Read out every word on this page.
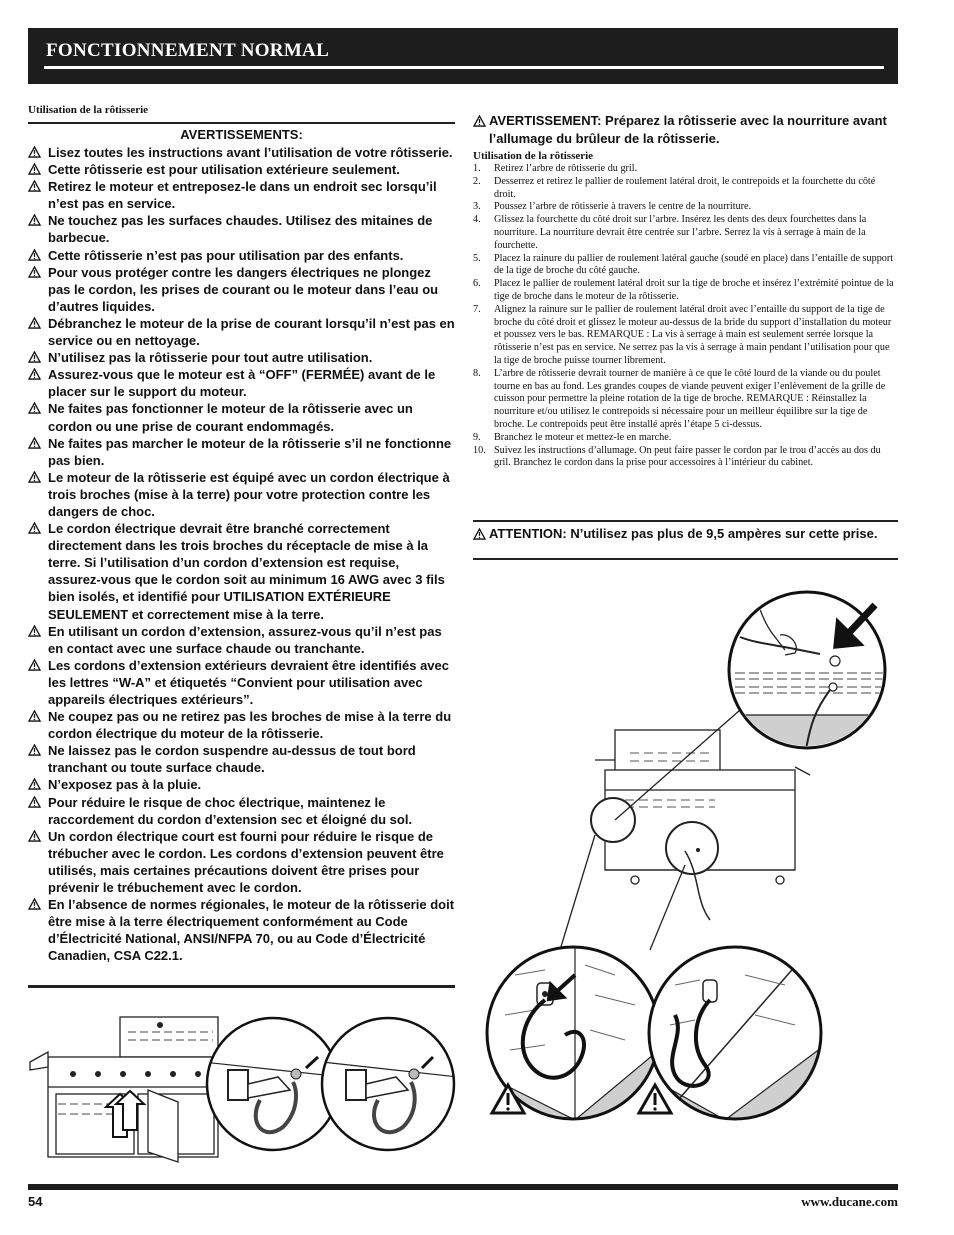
FONCTIONNEMENT NORMAL
Utilisation de la rôtisserie
AVERTISSEMENTS:
Lisez toutes les instructions avant l’utilisation de votre rôtisserie.
Cette rôtisserie est pour utilisation extérieure seulement.
Retirez le moteur et entreposez-le dans un endroit sec lorsqu’il n’est pas en service.
Ne touchez pas les surfaces chaudes. Utilisez des mitaines de barbecue.
Cette rôtisserie n’est pas pour utilisation par des enfants.
Pour vous protéger contre les dangers électriques ne plongez pas le cordon, les prises de courant ou le moteur dans l’eau ou d’autres liquides.
Débranchez le moteur de la prise de courant lorsqu’il n’est pas en service ou en nettoyage.
N’utilisez pas la rôtisserie pour tout autre utilisation.
Assurez-vous que le moteur est à “OFF” (FERMÉE) avant de le placer sur le support du moteur.
Ne faites pas fonctionner le moteur de la rôtisserie avec un cordon ou une prise de courant endommagés.
Ne faites pas marcher le moteur de la rôtisserie s’il ne fonctionne pas bien.
Le moteur de la rôtisserie est équipé avec un cordon électrique à trois broches (mise à la terre) pour votre protection contre les dangers de choc.
Le cordon électrique devrait être branché correctement directement dans les trois broches du réceptacle de mise à la terre. Si l’utilisation d’un cordon d’extension est requise, assurez-vous que le cordon soit au minimum 16 AWG avec 3 fils bien isolés, et identifié pour UTILISATION EXTÉRIEURE SEULEMENT et correctement mise à la terre.
En utilisant un cordon d’extension, assurez-vous qu’il n’est pas en contact avec une surface chaude ou tranchante.
Les cordons d’extension extérieurs devraient être identifiés avec les lettres “W-A” et étiquetés “Convient pour utilisation avec appareils électriques extérieurs”.
Ne coupez pas ou ne retirez pas les broches de mise à la terre du cordon électrique du moteur de la rôtisserie.
Ne laissez pas le cordon suspendre au-dessus de tout bord tranchant ou toute surface chaude.
N’exposez pas à la pluie.
Pour réduire le risque de choc électrique, maintenez le raccordement du cordon d’extension sec et éloigné du sol.
Un cordon électrique court est fourni pour réduire le risque de trébucher avec le cordon. Les cordons d’extension peuvent être utilisés, mais certaines précautions doivent être prises pour prévenir le trébuchement avec le cordon.
En l’absence de normes régionales, le moteur de la rôtisserie doit être mise à la terre électriquement conformément au Code d’Électricité National, ANSI/NFPA 70, ou au Code d’Électricité Canadien, CSA C22.1.
AVERTISSEMENT: Préparez la rôtisserie avec la nourriture avant l’allumage du brûleur de la rôtisserie.
Utilisation de la rôtisserie
1. Retirez l’arbre de rôtisserie du gril.
2. Desserrez et retirez le pallier de roulement latéral droit, le contrepoids et la fourchette du côté droit.
3. Poussez l’arbre de rôtisserie à travers le centre de la nourriture.
4. Glissez la fourchette du côté droit sur l’arbre. Insérez les dents des deux fourchettes dans la nourriture. La nourriture devrait être centrée sur l’arbre. Serrez la vis à serrage à main de la fourchette.
5. Placez la rainure du pallier de roulement latéral gauche (soudé en place) dans l’entaille de support de la tige de broche du côté gauche.
6. Placez le pallier de roulement latéral droit sur la tige de broche et insérez l’extrémité pointue de la tige de broche dans le moteur de la rôtisserie.
7. Alignez la rainure sur le pallier de roulement latéral droit avec l’entaille du support de la tige de broche du côté droit et glissez le moteur au-dessus de la bride du support d’installation du moteur et poussez vers le bas. REMARQUE : La vis à serrage à main est seulement serrée lorsque la rôtisserie n’est pas en service. Ne serrez pas la vis à serrage à main pendant l’utilisation pour que la tige de broche puisse tourner librement.
8. L’arbre de rôtisserie devrait tourner de manière à ce que le côté lourd de la viande ou du poulet tourne en bas au fond. Les grandes coupes de viande peuvent exiger l’enlèvement de la grille de cuisson pour permettre la pleine rotation de la tige de broche. REMARQUE : Réinstallez la nourriture et/ou utilisez le contrepoids si nécessaire pour un meilleur équilibre sur la tige de broche. Le contrepoids peut être installé après l’étape 5 ci-dessus.
9. Branchez le moteur et mettez-le en marche.
10. Suivez les instructions d’allumage. On peut faire passer le cordon par le trou d’accès au dos du gril. Branchez le cordon dans la prise pour accessoires à l’intérieur du cabinet.
ATTENTION: N’utilisez pas plus de 9,5 ampères sur cette prise.
54	www.ducane.com
